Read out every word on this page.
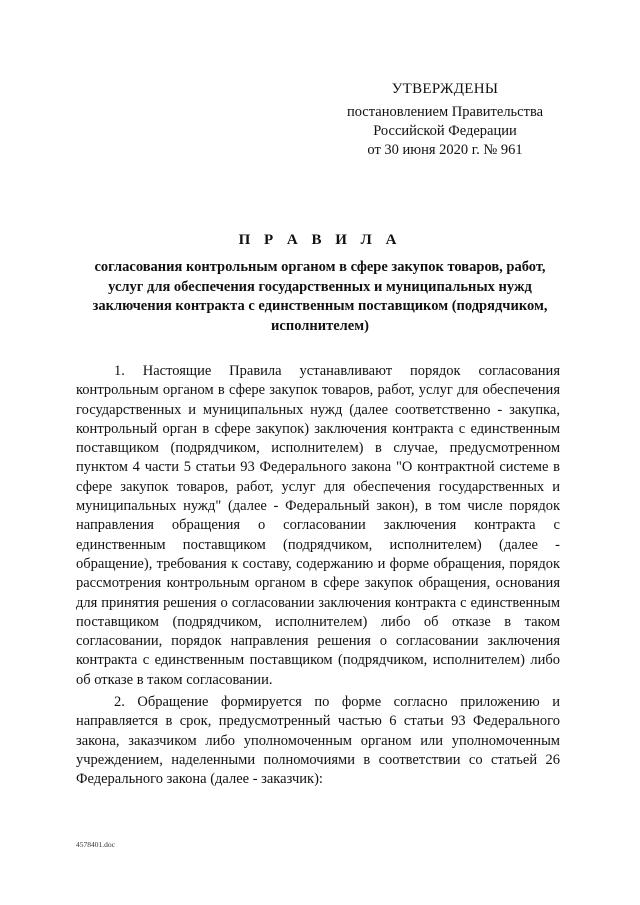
УТВЕРЖДЕНЫ
постановлением Правительства
Российской Федерации
от 30 июня 2020 г. № 961
П Р А В И Л А
согласования контрольным органом в сфере закупок товаров, работ, услуг для обеспечения государственных и муниципальных нужд заключения контракта с единственным поставщиком (подрядчиком, исполнителем)

1. Настоящие Правила устанавливают порядок согласования контрольным органом в сфере закупок товаров, работ, услуг для обеспечения государственных и муниципальных нужд (далее соответственно - закупка, контрольный орган в сфере закупок) заключения контракта с единственным поставщиком (подрядчиком, исполнителем) в случае, предусмотренном пунктом 4 части 5 статьи 93 Федерального закона "О контрактной системе в сфере закупок товаров, работ, услуг для обеспечения государственных и муниципальных нужд" (далее - Федеральный закон), в том числе порядок направления обращения о согласовании заключения контракта с единственным поставщиком (подрядчиком, исполнителем) (далее - обращение), требования к составу, содержанию и форме обращения, порядок рассмотрения контрольным органом в сфере закупок обращения, основания для принятия решения о согласовании заключения контракта с единственным поставщиком (подрядчиком, исполнителем) либо об отказе в таком согласовании, порядок направления решения о согласовании заключения контракта с единственным поставщиком (подрядчиком, исполнителем) либо об отказе в таком согласовании.

2. Обращение формируется по форме согласно приложению и направляется в срок, предусмотренный частью 6 статьи 93 Федерального закона, заказчиком либо уполномоченным органом или уполномоченным учреждением, наделенными полномочиями в соответствии со статьей 26 Федерального закона (далее - заказчик):

4578401.doc
